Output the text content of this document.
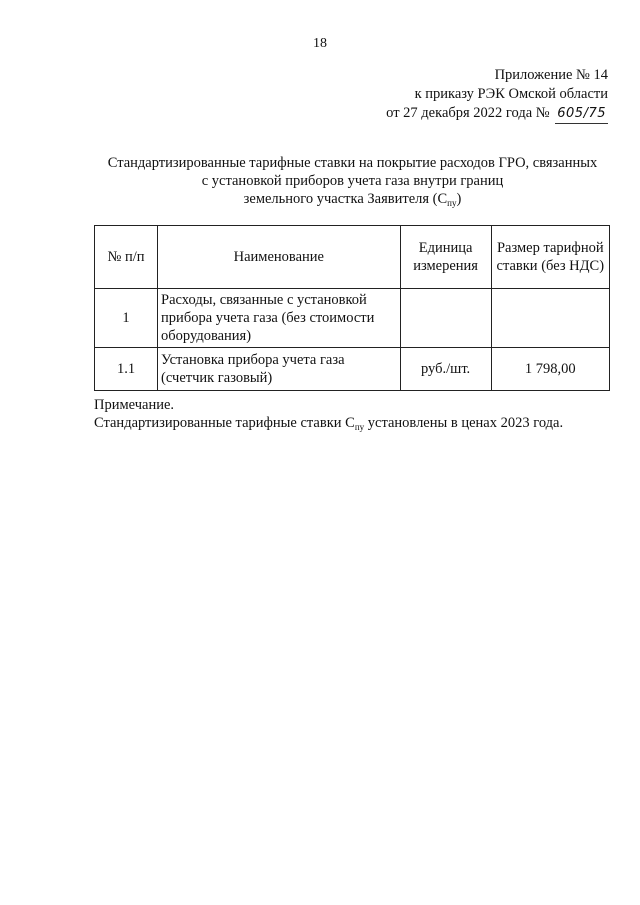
18
Приложение № 14
к приказу РЭК Омской области
от 27 декабря 2022 года № 605/75
Стандартизированные тарифные ставки на покрытие расходов ГРО, связанных
с установкой приборов учета газа внутри границ
земельного участка Заявителя $(С_{пу})$
№ п/п	Наименование	Единица измерения	Размер тарифной ставки (без НДС)
1	Расходы, связанные с установкой прибора учета газа (без стоимости оборудования)		
1.1	Установка прибора учета газа (счетчик газовый)	руб./шт.	1 798,00
Примечание.
Стандартизированные тарифные ставки $С_{пу}$ установлены в ценах 2023 года.
